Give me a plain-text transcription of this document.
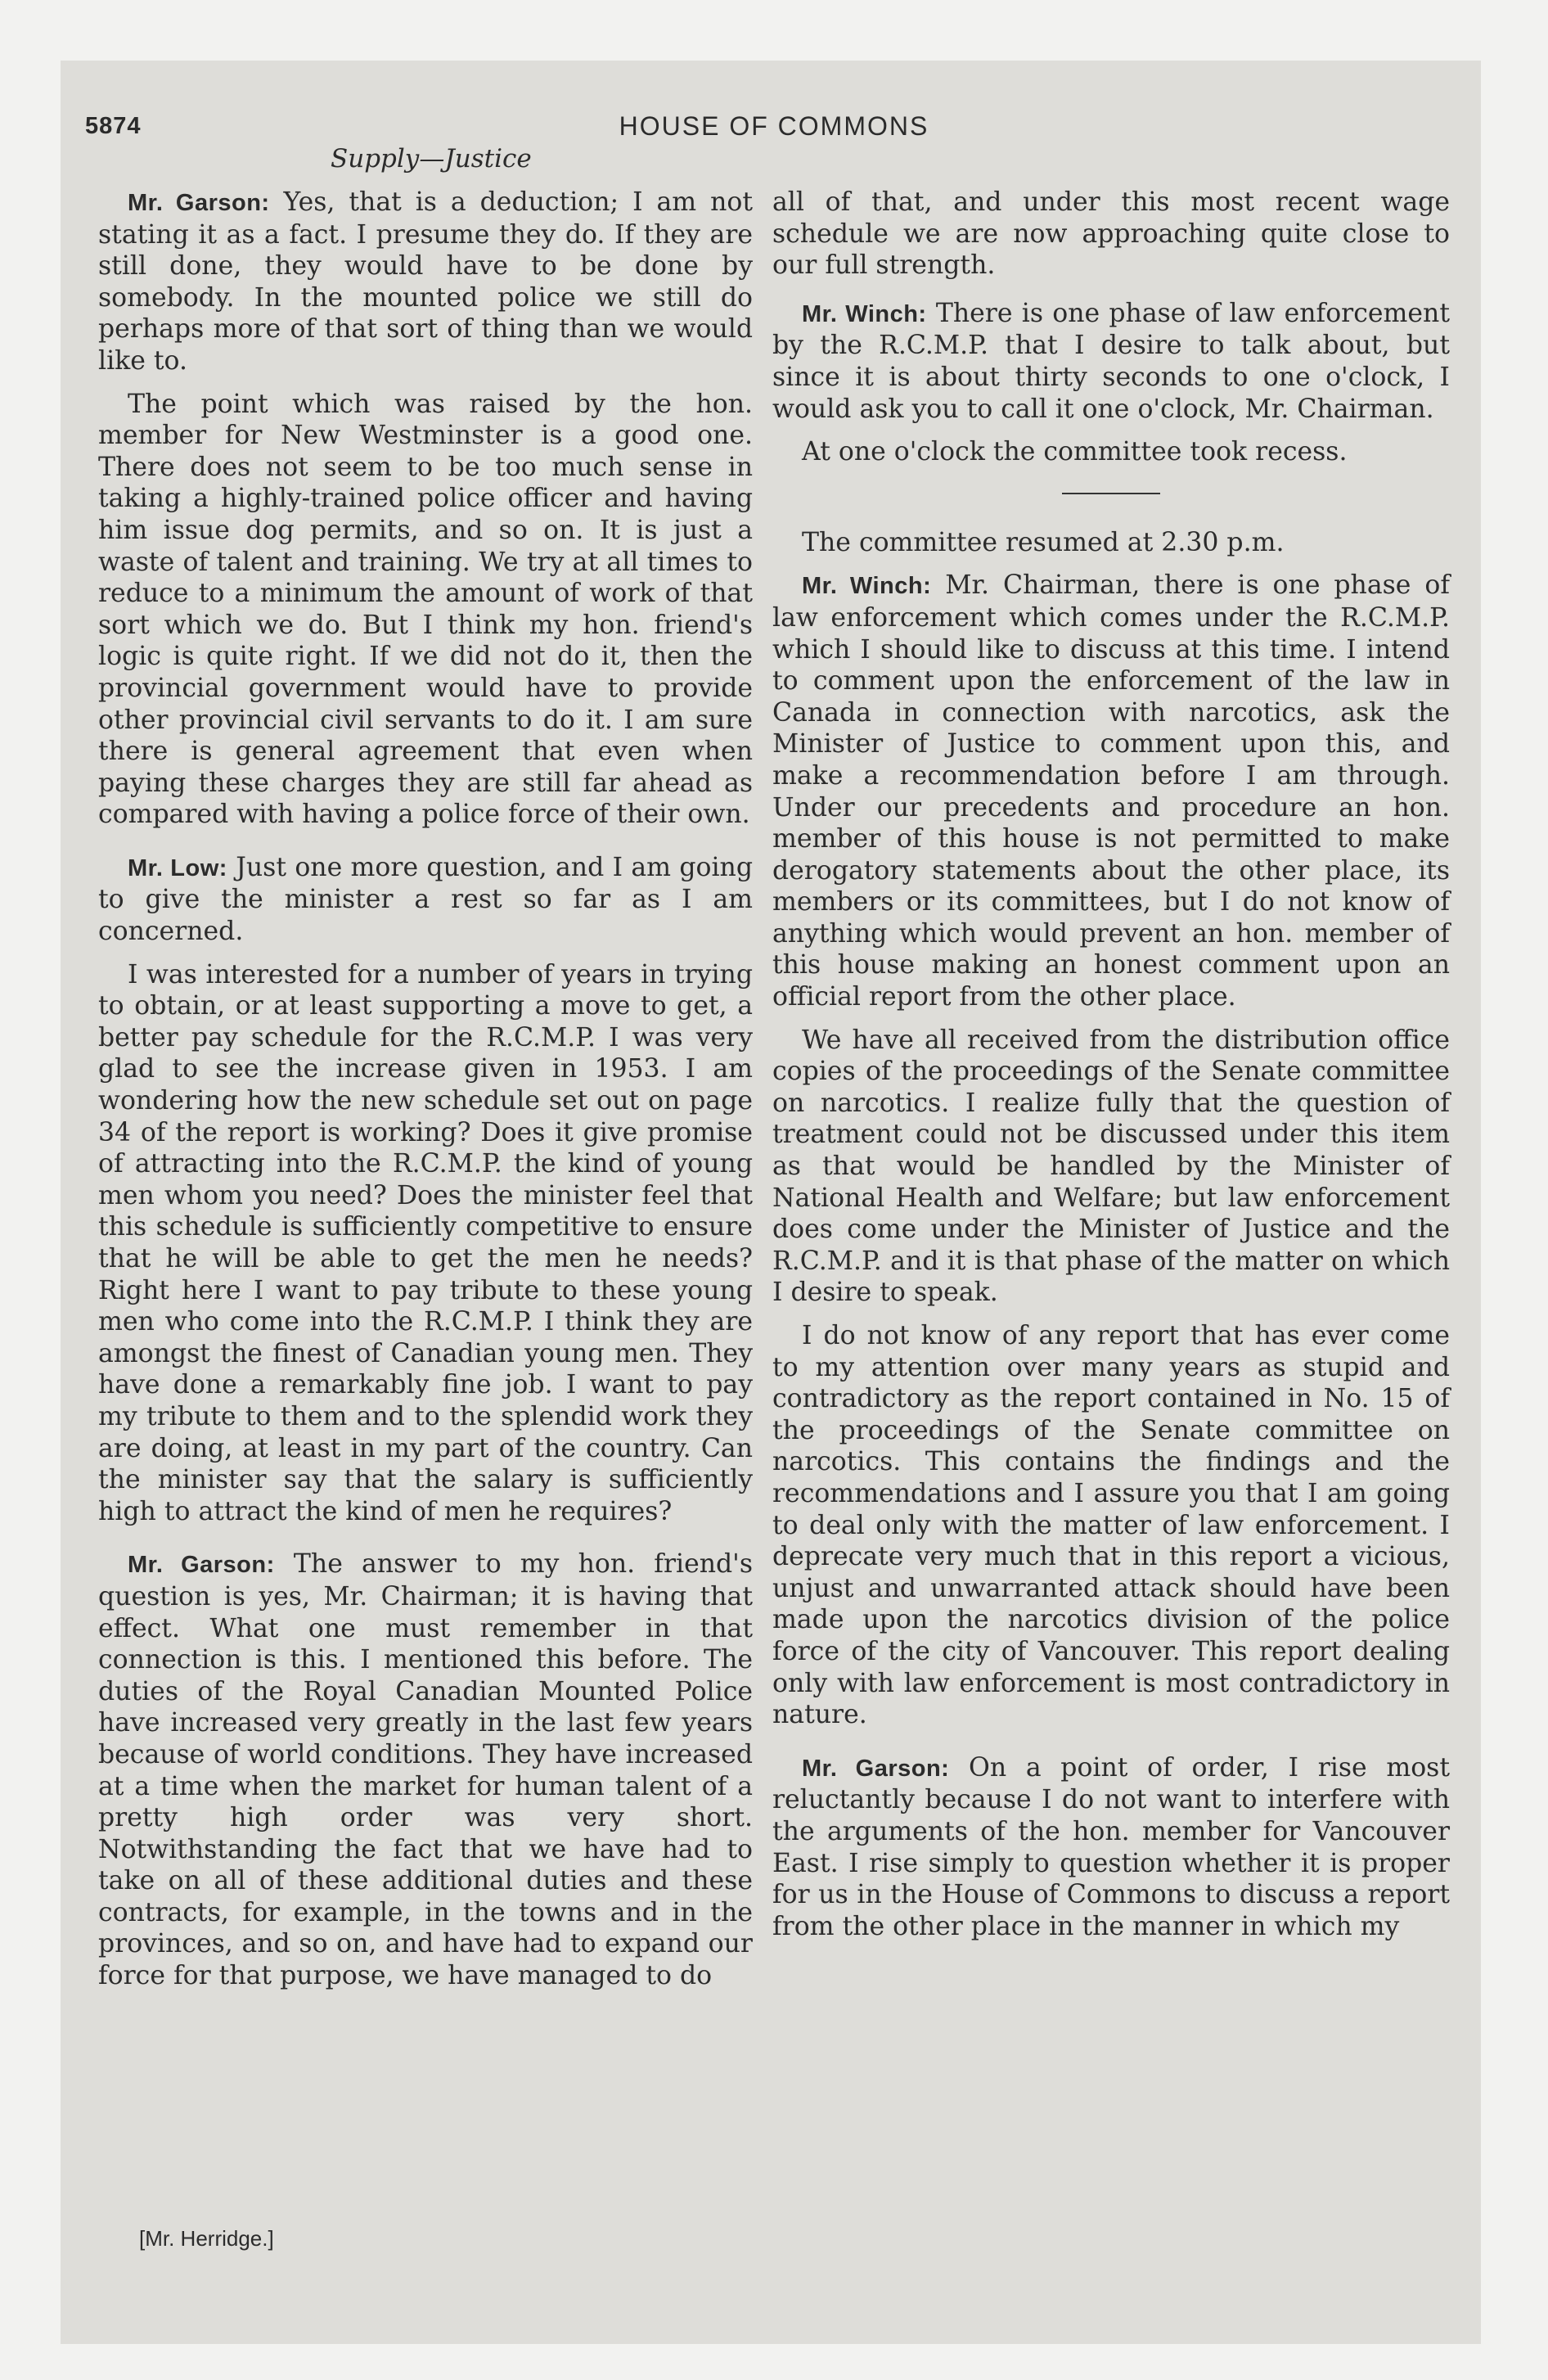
5874	HOUSE OF COMMONS
Supply—Justice

Mr. Garson: Yes, that is a deduction; I am not stating it as a fact. I presume they do. If they are still done, they would have to be done by somebody. In the mounted police we still do perhaps more of that sort of thing than we would like to.

The point which was raised by the hon. member for New Westminster is a good one. There does not seem to be too much sense in taking a highly-trained police officer and having him issue dog permits, and so on. It is just a waste of talent and training. We try at all times to reduce to a minimum the amount of work of that sort which we do. But I think my hon. friend's logic is quite right. If we did not do it, then the provincial government would have to provide other provincial civil servants to do it. I am sure there is general agreement that even when paying these charges they are still far ahead as compared with having a police force of their own.

Mr. Low: Just one more question, and I am going to give the minister a rest so far as I am concerned.

I was interested for a number of years in trying to obtain, or at least supporting a move to get, a better pay schedule for the R.C.M.P. I was very glad to see the increase given in 1953. I am wondering how the new schedule set out on page 34 of the report is working? Does it give promise of attracting into the R.C.M.P. the kind of young men whom you need? Does the minister feel that this schedule is sufficiently competitive to ensure that he will be able to get the men he needs? Right here I want to pay tribute to these young men who come into the R.C.M.P. I think they are amongst the finest of Canadian young men. They have done a remarkably fine job. I want to pay my tribute to them and to the splendid work they are doing, at least in my part of the country. Can the minister say that the salary is sufficiently high to attract the kind of men he requires?

Mr. Garson: The answer to my hon. friend's question is yes, Mr. Chairman; it is having that effect. What one must remember in that connection is this. I mentioned this before. The duties of the Royal Canadian Mounted Police have increased very greatly in the last few years because of world conditions. They have increased at a time when the market for human talent of a pretty high order was very short. Notwithstanding the fact that we have had to take on all of these additional duties and these contracts, for example, in the towns and in the provinces, and so on, and have had to expand our force for that purpose, we have managed to do

all of that, and under this most recent wage schedule we are now approaching quite close to our full strength.

Mr. Winch: There is one phase of law enforcement by the R.C.M.P. that I desire to talk about, but since it is about thirty seconds to one o'clock, I would ask you to call it one o'clock, Mr. Chairman.

At one o'clock the committee took recess.

The committee resumed at 2.30 p.m.

Mr. Winch: Mr. Chairman, there is one phase of law enforcement which comes under the R.C.M.P. which I should like to discuss at this time. I intend to comment upon the enforcement of the law in Canada in connection with narcotics, ask the Minister of Justice to comment upon this, and make a recommendation before I am through. Under our precedents and procedure an hon. member of this house is not permitted to make derogatory statements about the other place, its members or its committees, but I do not know of anything which would prevent an hon. member of this house making an honest comment upon an official report from the other place.

We have all received from the distribution office copies of the proceedings of the Senate committee on narcotics. I realize fully that the question of treatment could not be discussed under this item as that would be handled by the Minister of National Health and Welfare; but law enforcement does come under the Minister of Justice and the R.C.M.P. and it is that phase of the matter on which I desire to speak.

I do not know of any report that has ever come to my attention over many years as stupid and contradictory as the report contained in No. 15 of the proceedings of the Senate committee on narcotics. This contains the findings and the recommendations and I assure you that I am going to deal only with the matter of law enforcement. I deprecate very much that in this report a vicious, unjust and unwarranted attack should have been made upon the narcotics division of the police force of the city of Vancouver. This report dealing only with law enforcement is most contradictory in nature.

Mr. Garson: On a point of order, I rise most reluctantly because I do not want to interfere with the arguments of the hon. member for Vancouver East. I rise simply to question whether it is proper for us in the House of Commons to discuss a report from the other place in the manner in which my

[Mr. Herridge.]
